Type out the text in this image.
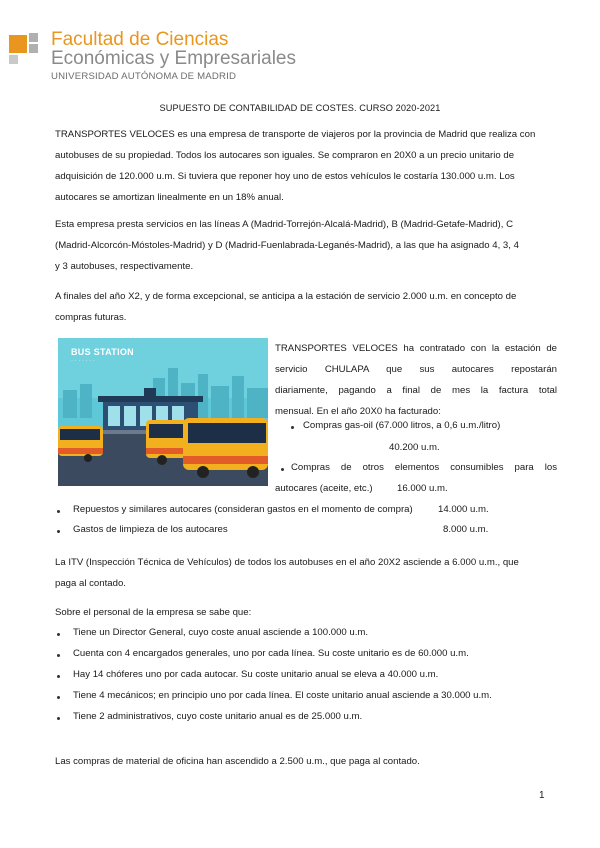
Facultad de Ciencias
Económicas y Empresariales
UNIVERSIDAD AUTÓNOMA DE MADRID
SUPUESTO DE CONTABILIDAD DE COSTES. CURSO 2020-2021
TRANSPORTES VELOCES es una empresa de transporte de viajeros por la provincia de Madrid que realiza con
autobuses de su propiedad. Todos los autocares son iguales. Se compraron en 20X0 a un precio unitario de
adquisición de 120.000 u.m. Si tuviera que reponer hoy uno de estos vehículos le costaría 130.000 u.m. Los
autocares se amortizan linealmente en un 18% anual.
Esta empresa presta servicios en las líneas A (Madrid-Torrejón-Alcalá-Madrid), B (Madrid-Getafe-Madrid), C
(Madrid-Alcorcón-Móstoles-Madrid) y D (Madrid-Fuenlabrada-Leganés-Madrid), a las que ha asignado 4, 3, 4
y 3 autobuses, respectivamente.
A finales del año X2, y de forma excepcional, se anticipa a la estación de servicio 2.000 u.m. en concepto de
compras futuras.
BUS STATION
· · · · · · ·
TRANSPORTES VELOCES ha contratado con la estación de
servicio CHULAPA que sus autocares repostarán
diariamente, pagando a final de mes la factura total
mensual. En el año 20X0 ha facturado:
Compras gas-oil (67.000 litros, a 0,6 u.m./litro)
40.200 u.m.
Compras de otros elementos consumibles para los
autocares (aceite, etc.)	16.000 u.m.
Repuestos y similares autocares (consideran gastos en el momento de compra)	14.000 u.m.
Gastos de limpieza de los autocares	8.000 u.m.
La ITV (Inspección Técnica de Vehículos) de todos los autobuses en el año 20X2 asciende a 6.000 u.m., que
paga al contado.
Sobre el personal de la empresa se sabe que:
Tiene un Director General, cuyo coste anual asciende a 100.000 u.m.
Cuenta con 4 encargados generales, uno por cada línea. Su coste unitario es de 60.000 u.m.
Hay 14 chóferes uno por cada autocar. Su coste unitario anual se eleva a 40.000 u.m.
Tiene 4 mecánicos; en principio uno por cada línea. El coste unitario anual asciende a 30.000 u.m.
Tiene 2 administrativos, cuyo coste unitario anual es de 25.000 u.m.
Las compras de material de oficina han ascendido a 2.500 u.m., que paga al contado.
1
